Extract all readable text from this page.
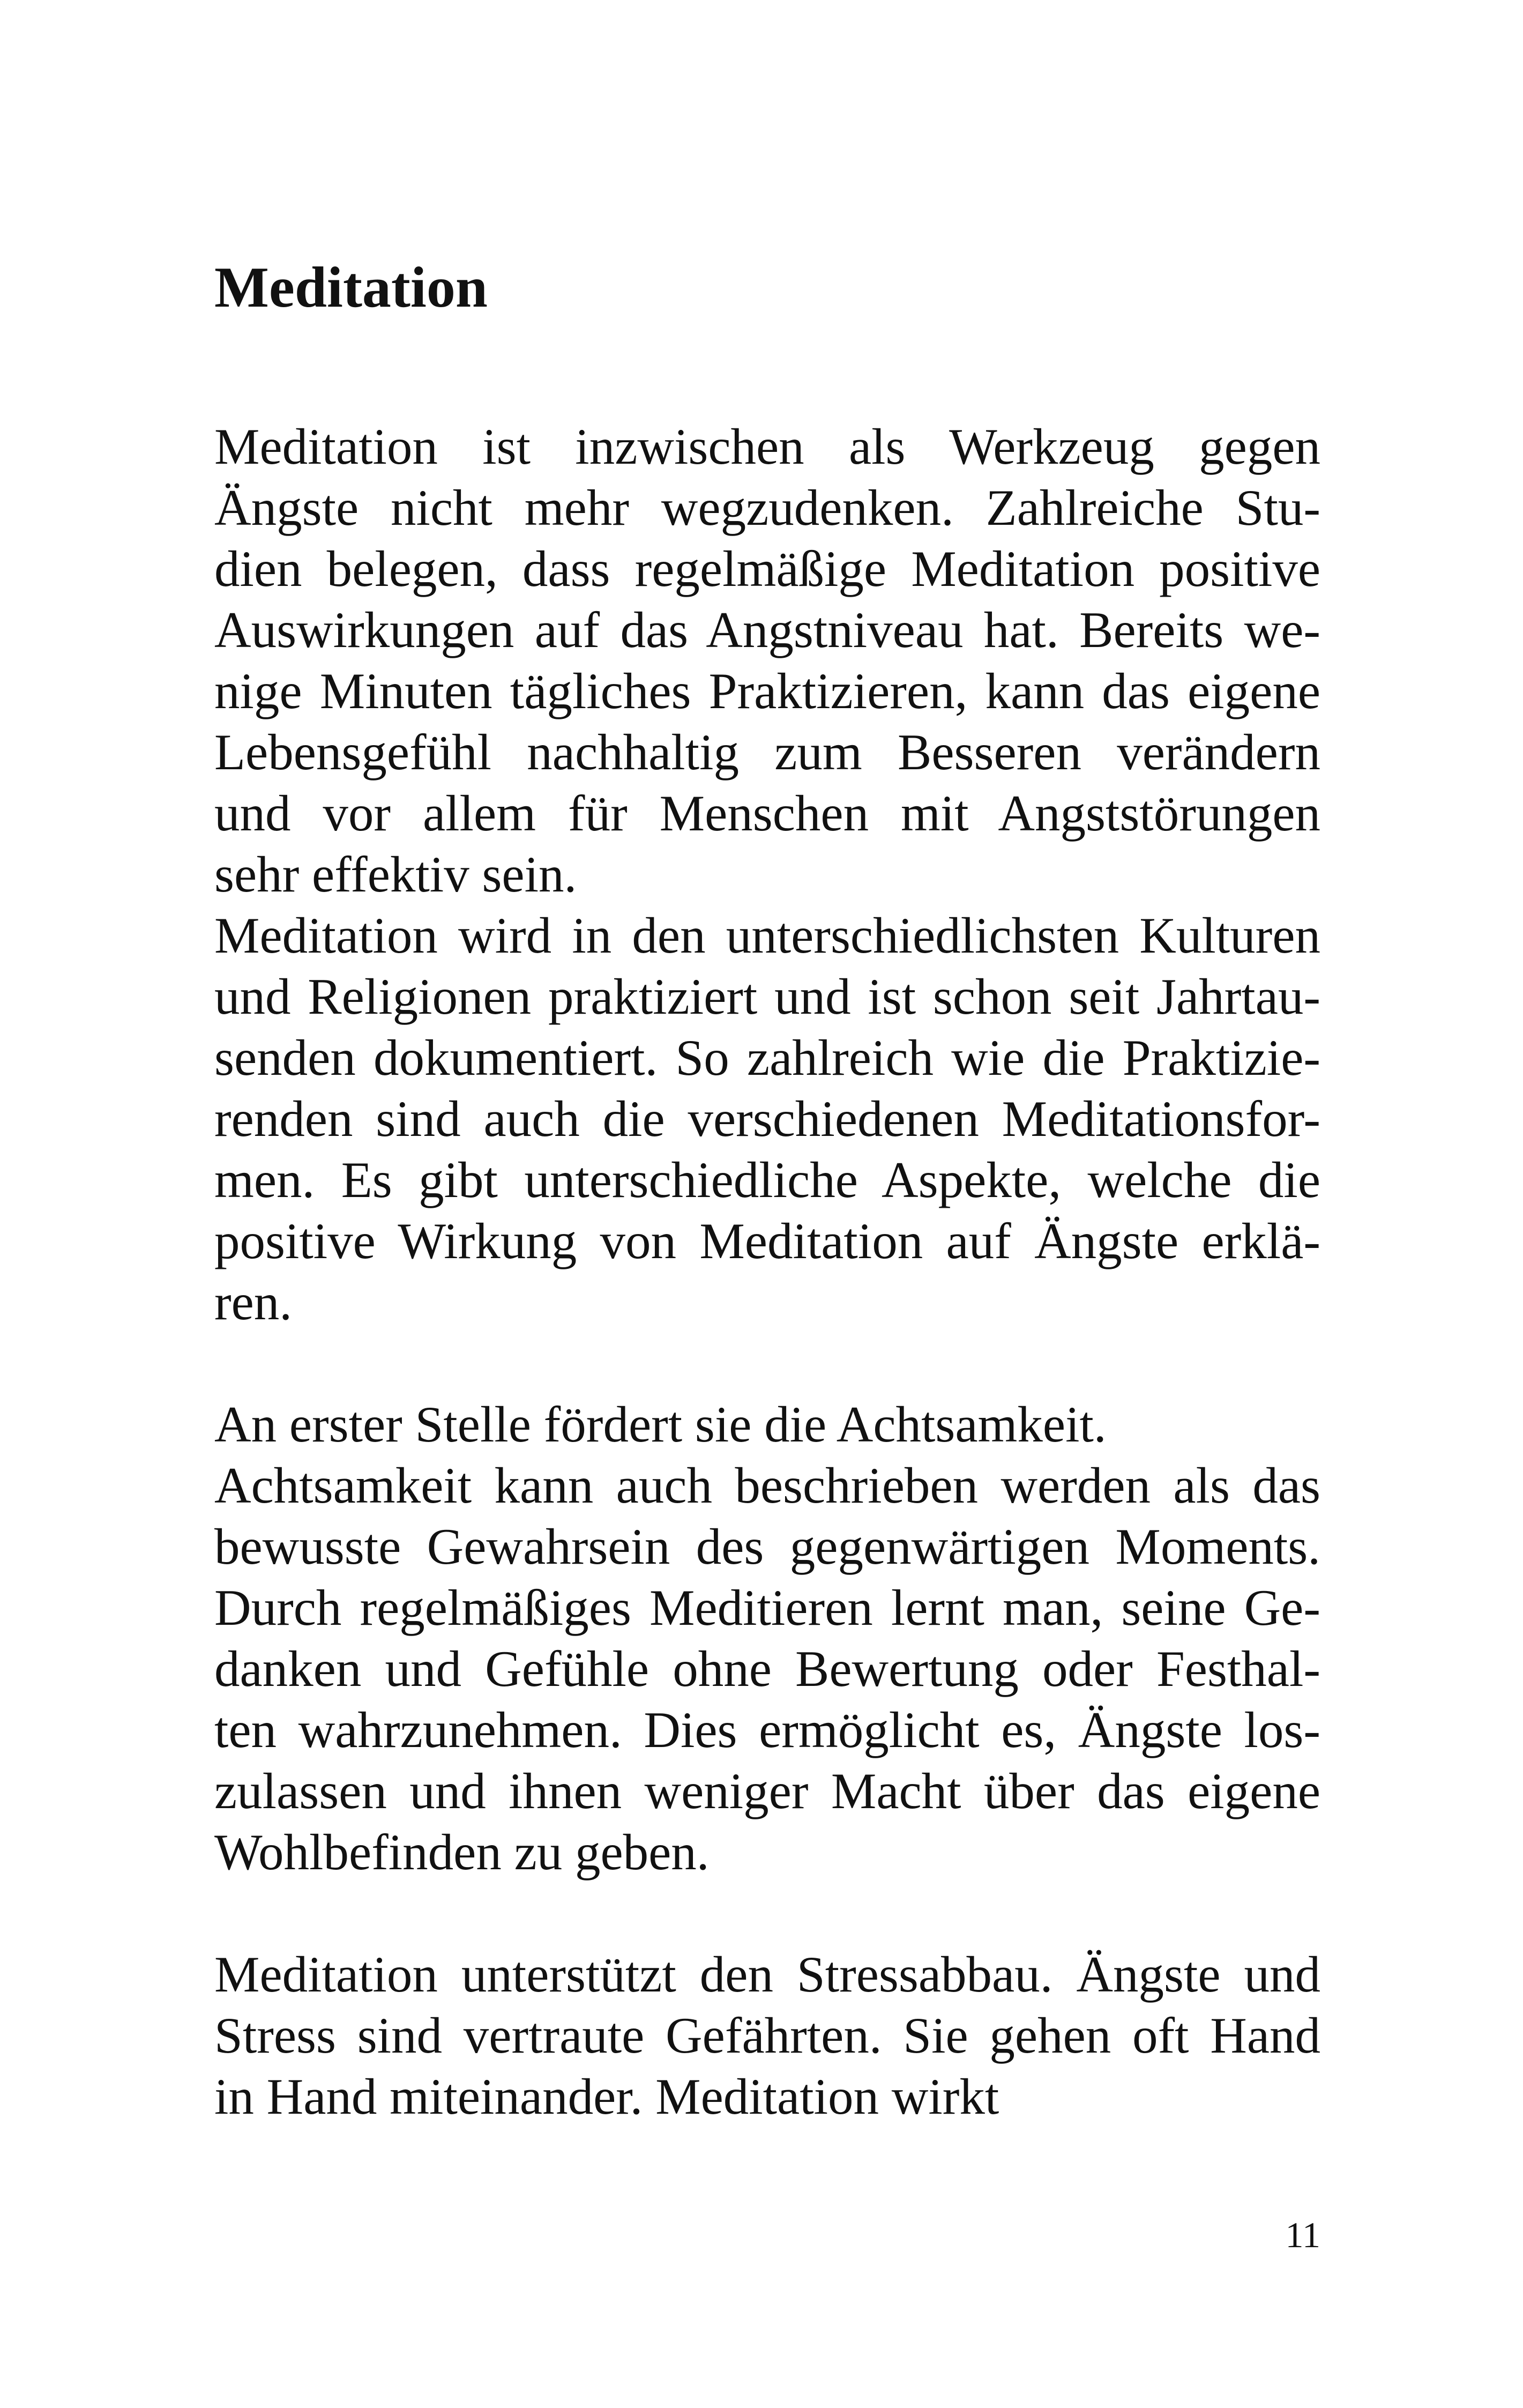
Meditation
Meditation ist inzwischen als Werkzeug gegen
Ängste nicht mehr wegzudenken. Zahlreiche Stu-
dien belegen, dass regelmäßige Meditation positive
Auswirkungen auf das Angstniveau hat. Bereits we-
nige Minuten tägliches Praktizieren, kann das eigene
Lebensgefühl nachhaltig zum Besseren verändern
und vor allem für Menschen mit Angststörungen
sehr effektiv sein.
Meditation wird in den unterschiedlichsten Kulturen
und Religionen praktiziert und ist schon seit Jahrtau-
senden dokumentiert. So zahlreich wie die Praktizie-
renden sind auch die verschiedenen Meditationsfor-
men. Es gibt unterschiedliche Aspekte, welche die
positive Wirkung von Meditation auf Ängste erklä-
ren.
An erster Stelle fördert sie die Achtsamkeit.
Achtsamkeit kann auch beschrieben werden als das
bewusste Gewahrsein des gegenwärtigen Moments.
Durch regelmäßiges Meditieren lernt man, seine Ge-
danken und Gefühle ohne Bewertung oder Festhal-
ten wahrzunehmen. Dies ermöglicht es, Ängste los-
zulassen und ihnen weniger Macht über das eigene
Wohlbefinden zu geben.
Meditation unterstützt den Stressabbau. Ängste und
Stress sind vertraute Gefährten. Sie gehen oft Hand
in Hand miteinander. Meditation wirkt
11
